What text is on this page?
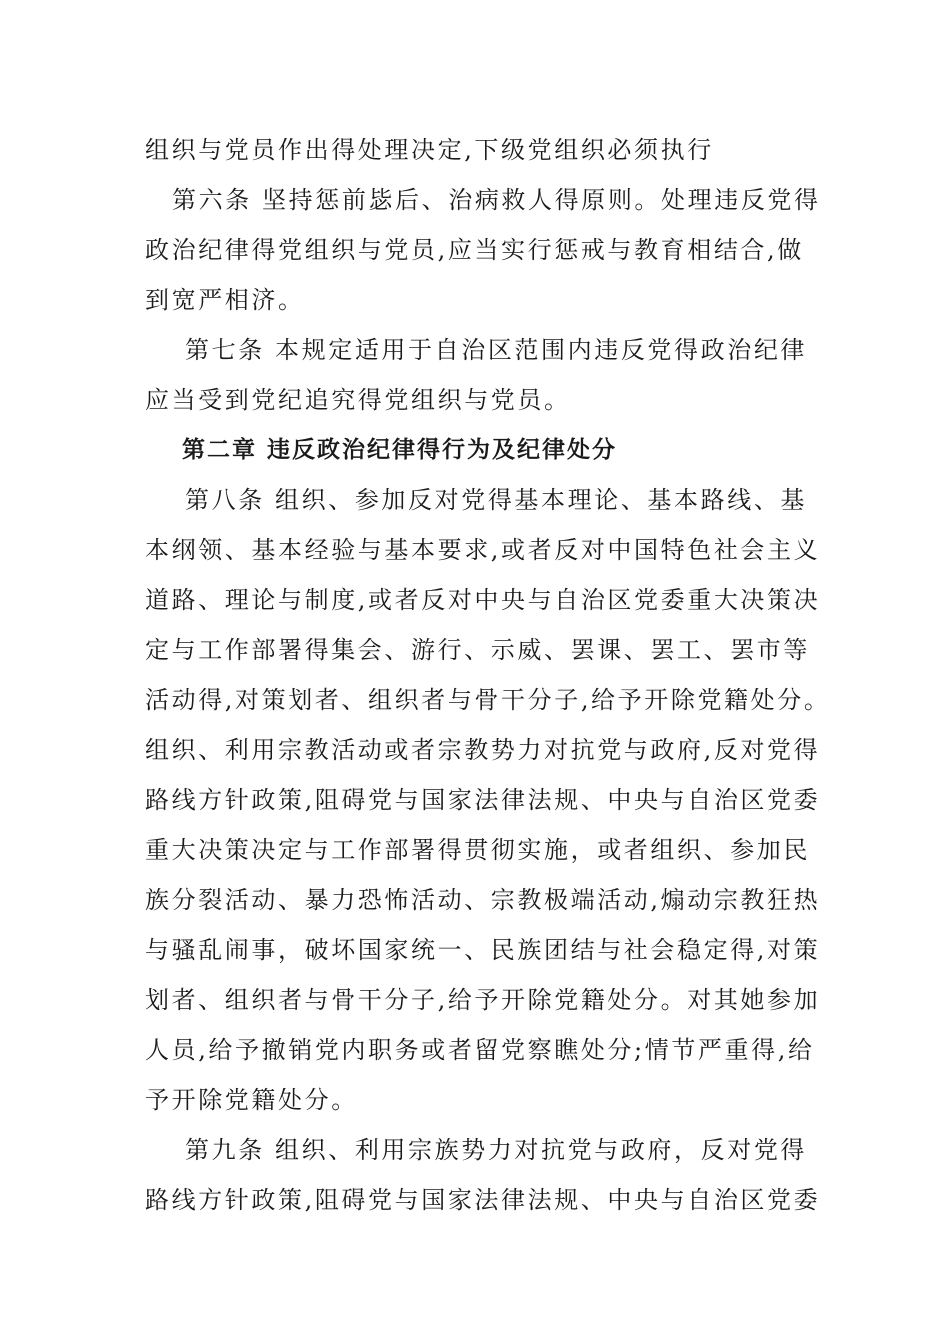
组织与党员作出得处理决定,下级党组织必须执行
第六条 坚持惩前毖后、治病救人得原则。处理违反党得
政治纪律得党组织与党员,应当实行惩戒与教育相结合,做
到宽严相济。
第七条 本规定适用于自治区范围内违反党得政治纪律
应当受到党纪追究得党组织与党员。
第二章 违反政治纪律得行为及纪律处分
第八条 组织、参加反对党得基本理论、基本路线、基
本纲领、基本经验与基本要求,或者反对中国特色社会主义
道路、理论与制度,或者反对中央与自治区党委重大决策决
定与工作部署得集会、游行、示威、罢课、罢工、罢市等
活动得,对策划者、组织者与骨干分子,给予开除党籍处分。
组织、利用宗教活动或者宗教势力对抗党与政府,反对党得
路线方针政策,阻碍党与国家法律法规、中央与自治区党委
重大决策决定与工作部署得贯彻实施，或者组织、参加民
族分裂活动、暴力恐怖活动、宗教极端活动,煽动宗教狂热
与骚乱闹事，破坏国家统一、民族团结与社会稳定得,对策
划者、组织者与骨干分子,给予开除党籍处分。对其她参加
人员,给予撤销党内职务或者留党察瞧处分;情节严重得,给
予开除党籍处分。
第九条 组织、利用宗族势力对抗党与政府，反对党得
路线方针政策,阻碍党与国家法律法规、中央与自治区党委
